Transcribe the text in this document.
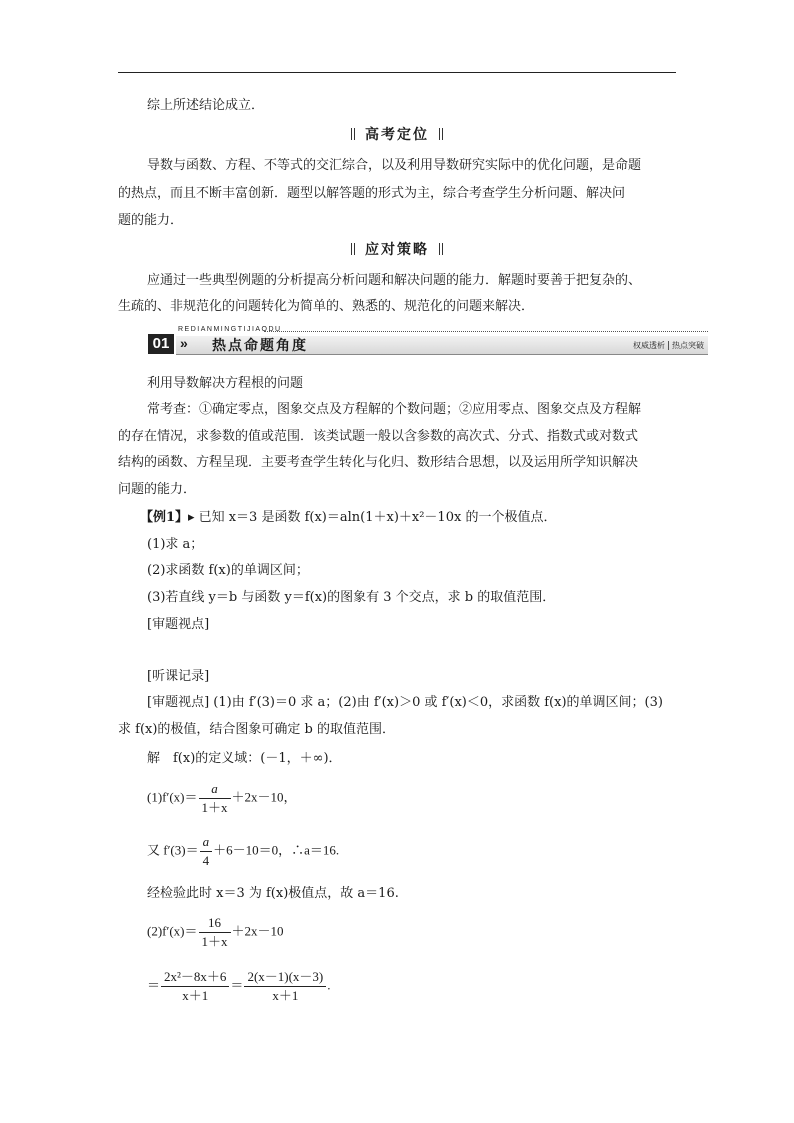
综上所述结论成立．
高考定位
导数与函数、方程、不等式的交汇综合，以及利用导数研究实际中的优化问题，是命题
的热点，而且不断丰富创新．题型以解答题的形式为主，综合考查学生分析问题、解决问
题的能力．
应对策略
应通过一些典型例题的分析提高分析问题和解决问题的能力．解题时要善于把复杂的、
生疏的、非规范化的问题转化为简单的、熟悉的、规范化的问题来解决．
REDIANMINGTIJIAODU
01 » 热点命题角度	权威透析 热点突破
利用导数解决方程根的问题
常考查：①确定零点，图象交点及方程解的个数问题；②应用零点、图象交点及方程解
的存在情况，求参数的值或范围．该类试题一般以含参数的高次式、分式、指数式或对数式
结构的函数、方程呈现．主要考查学生转化与化归、数形结合思想，以及运用所学知识解决
问题的能力．
【例1】▸ 已知 x＝3 是函数 f(x)＝aln(1＋x)＋x²－10x 的一个极值点．
(1)求 a；
(2)求函数 f(x)的单调区间；
(3)若直线 y＝b 与函数 y＝f(x)的图象有 3 个交点，求 b 的取值范围．
[审题视点]
[听课记录]
[审题视点] (1)由 f′(3)＝0 求 a；(2)由 f′(x)＞0 或 f′(x)＜0，求函数 f(x)的单调区间；(3)
求 f(x)的极值，结合图象可确定 b 的取值范围．
解　f(x)的定义域：(－1，＋∞)．
$(1)f'(x)= \frac{a}{1+x} +2x-10$，
又 $f'(3)= \frac{a}{4} +6-10=0$，∴a＝16.
经检验此时 x＝3 为 f(x)极值点，故 a＝16.
$(2)f'(x)= \frac{16}{1+x} +2x-10$
＝ $\frac{\text{2x²－8x＋6}}{x+1} = \frac{2(x-1)(x-3)}{x+1}$ .
